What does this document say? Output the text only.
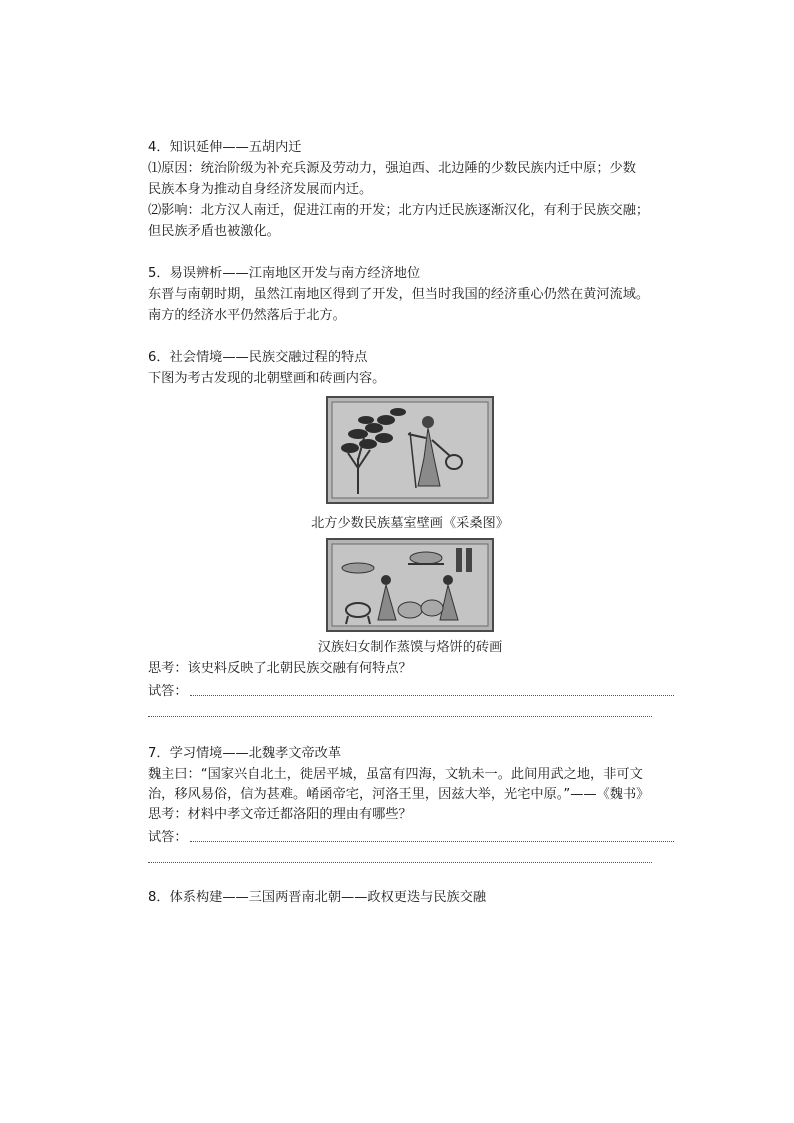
4．知识延伸——五胡内迁
⑴原因：统治阶级为补充兵源及劳动力，强迫西、北边陲的少数民族内迁中原；少数
民族本身为推动自身经济发展而内迁。
⑵影响：北方汉人南迁，促进江南的开发；北方内迁民族逐渐汉化，有利于民族交融；
但民族矛盾也被激化。
5．易误辨析——江南地区开发与南方经济地位
东晋与南朝时期，虽然江南地区得到了开发，但当时我国的经济重心仍然在黄河流域。
南方的经济水平仍然落后于北方。
6．社会情境——民族交融过程的特点
下图为考古发现的北朝壁画和砖画内容。
北方少数民族墓室壁画《采桑图》
汉族妇女制作蒸馍与烙饼的砖画
思考：该史料反映了北朝民族交融有何特点？
试答：
7．学习情境——北魏孝文帝改革
魏主曰：“国家兴自北土，徙居平城，虽富有四海，文轨未一。此间用武之地，非可文
治，移风易俗，信为甚难。崤函帝宅，河洛王里，因兹大举，光宅中原。”——《魏书》
思考：材料中孝文帝迁都洛阳的理由有哪些？
试答：
8．体系构建——三国两晋南北朝——政权更迭与民族交融
